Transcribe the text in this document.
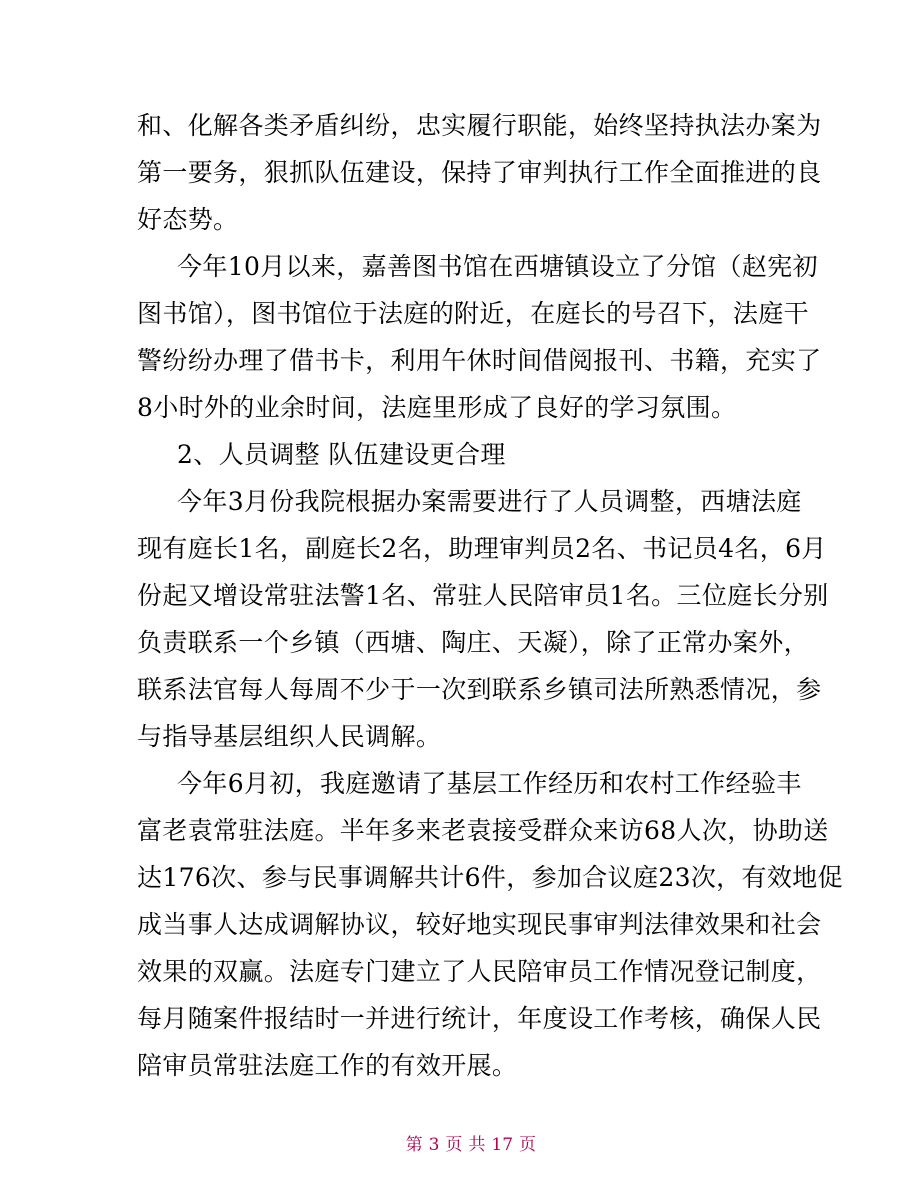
和、化解各类矛盾纠纷，忠实履行职能，始终坚持执法办案为
第一要务，狠抓队伍建设，保持了审判执行工作全面推进的良
好态势。
今年10月以来，嘉善图书馆在西塘镇设立了分馆（赵宪初
图书馆），图书馆位于法庭的附近，在庭长的号召下，法庭干
警纷纷办理了借书卡，利用午休时间借阅报刊、书籍，充实了
8小时外的业余时间，法庭里形成了良好的学习氛围。
2、人员调整 队伍建设更合理
今年3月份我院根据办案需要进行了人员调整，西塘法庭
现有庭长1名，副庭长2名，助理审判员2名、书记员4名，6月
份起又增设常驻法警1名、常驻人民陪审员1名。三位庭长分别
负责联系一个乡镇（西塘、陶庄、天凝），除了正常办案外，
联系法官每人每周不少于一次到联系乡镇司法所熟悉情况，参
与指导基层组织人民调解。
今年6月初，我庭邀请了基层工作经历和农村工作经验丰
富老袁常驻法庭。半年多来老袁接受群众来访68人次，协助送
达176次、参与民事调解共计6件，参加合议庭23次，有效地促
成当事人达成调解协议，较好地实现民事审判法律效果和社会
效果的双赢。法庭专门建立了人民陪审员工作情况登记制度，
每月随案件报结时一并进行统计，年度设工作考核，确保人民
陪审员常驻法庭工作的有效开展。

第 3 页 共 17 页
